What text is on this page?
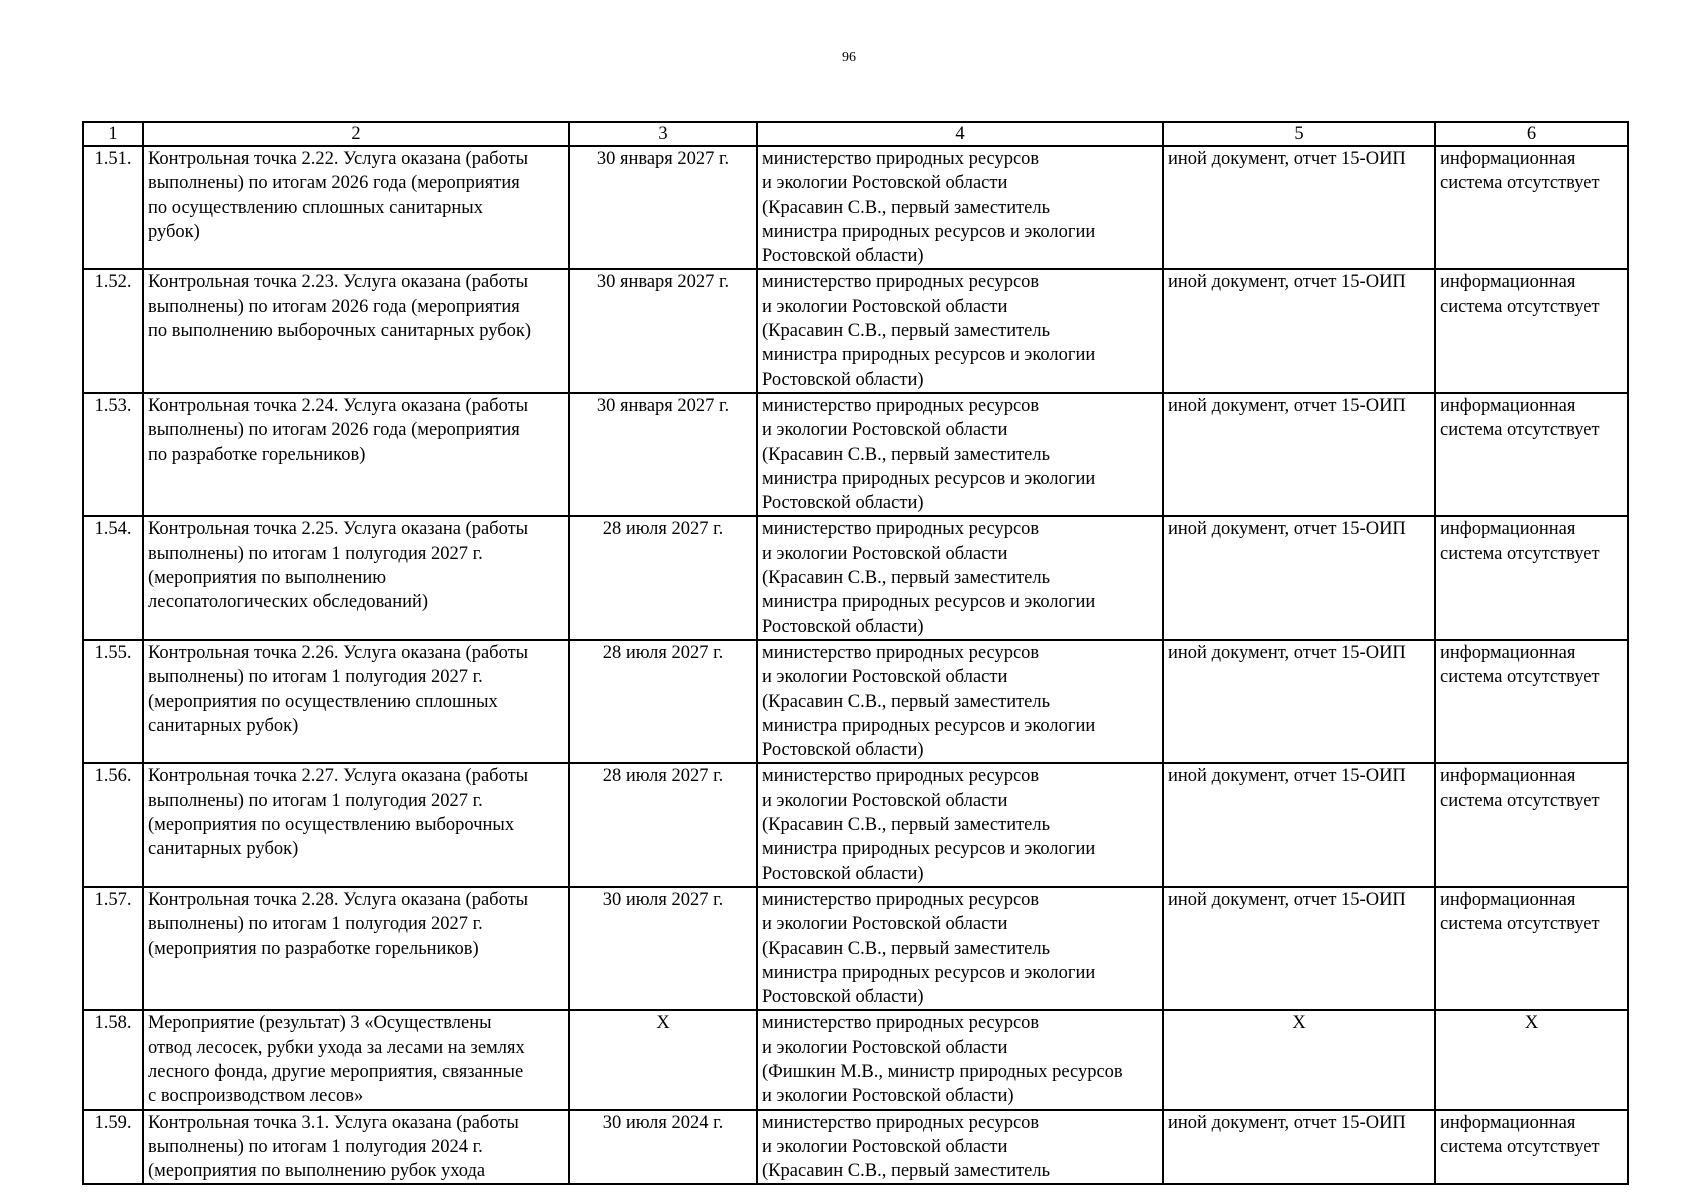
96
1	2	3	4	5	6
1.51.	Контрольная точка 2.22. Услуга оказана (работы
выполнены) по итогам 2026 года (мероприятия
по осуществлению сплошных санитарных
рубок)	30 января 2027 г.	министерство природных ресурсов
и экологии Ростовской области
(Красавин С.В., первый заместитель
министра природных ресурсов и экологии
Ростовской области)	иной документ, отчет 15-ОИП	информационная
система отсутствует

1.52.	Контрольная точка 2.23. Услуга оказана (работы
выполнены) по итогам 2026 года (мероприятия
по выполнению выборочных санитарных рубок)	30 января 2027 г.	министерство природных ресурсов
и экологии Ростовской области
(Красавин С.В., первый заместитель
министра природных ресурсов и экологии
Ростовской области)	иной документ, отчет 15-ОИП	информационная
система отсутствует

1.53.	Контрольная точка 2.24. Услуга оказана (работы
выполнены) по итогам 2026 года (мероприятия
по разработке горельников)	30 января 2027 г.	министерство природных ресурсов
и экологии Ростовской области
(Красавин С.В., первый заместитель
министра природных ресурсов и экологии
Ростовской области)	иной документ, отчет 15-ОИП	информационная
система отсутствует

1.54.	Контрольная точка 2.25. Услуга оказана (работы
выполнены) по итогам 1 полугодия 2027 г.
(мероприятия по выполнению
лесопатологических обследований)	28 июля 2027 г.	министерство природных ресурсов
и экологии Ростовской области
(Красавин С.В., первый заместитель
министра природных ресурсов и экологии
Ростовской области)	иной документ, отчет 15-ОИП	информационная
система отсутствует

1.55.	Контрольная точка 2.26. Услуга оказана (работы
выполнены) по итогам 1 полугодия 2027 г.
(мероприятия по осуществлению сплошных
санитарных рубок)	28 июля 2027 г.	министерство природных ресурсов
и экологии Ростовской области
(Красавин С.В., первый заместитель
министра природных ресурсов и экологии
Ростовской области)	иной документ, отчет 15-ОИП	информационная
система отсутствует

1.56.	Контрольная точка 2.27. Услуга оказана (работы
выполнены) по итогам 1 полугодия 2027 г.
(мероприятия по осуществлению выборочных
санитарных рубок)	28 июля 2027 г.	министерство природных ресурсов
и экологии Ростовской области
(Красавин С.В., первый заместитель
министра природных ресурсов и экологии
Ростовской области)	иной документ, отчет 15-ОИП	информационная
система отсутствует

1.57.	Контрольная точка 2.28. Услуга оказана (работы
выполнены) по итогам 1 полугодия 2027 г.
(мероприятия по разработке горельников)	30 июля 2027 г.	министерство природных ресурсов
и экологии Ростовской области
(Красавин С.В., первый заместитель
министра природных ресурсов и экологии
Ростовской области)	иной документ, отчет 15-ОИП	информационная
система отсутствует

1.58.	Мероприятие (результат) 3 «Осуществлены
отвод лесосек, рубки ухода за лесами на землях
лесного фонда, другие мероприятия, связанные
с воспроизводством лесов»	Х	министерство природных ресурсов
и экологии Ростовской области
(Фишкин М.В., министр природных ресурсов
и экологии Ростовской области)	Х	Х

1.59.	Контрольная точка 3.1. Услуга оказана (работы
выполнены) по итогам 1 полугодия 2024 г.
(мероприятия по выполнению рубок ухода	30 июля 2024 г.	министерство природных ресурсов
и экологии Ростовской области
(Красавин С.В., первый заместитель	иной документ, отчет 15-ОИП	информационная
система отсутствует
